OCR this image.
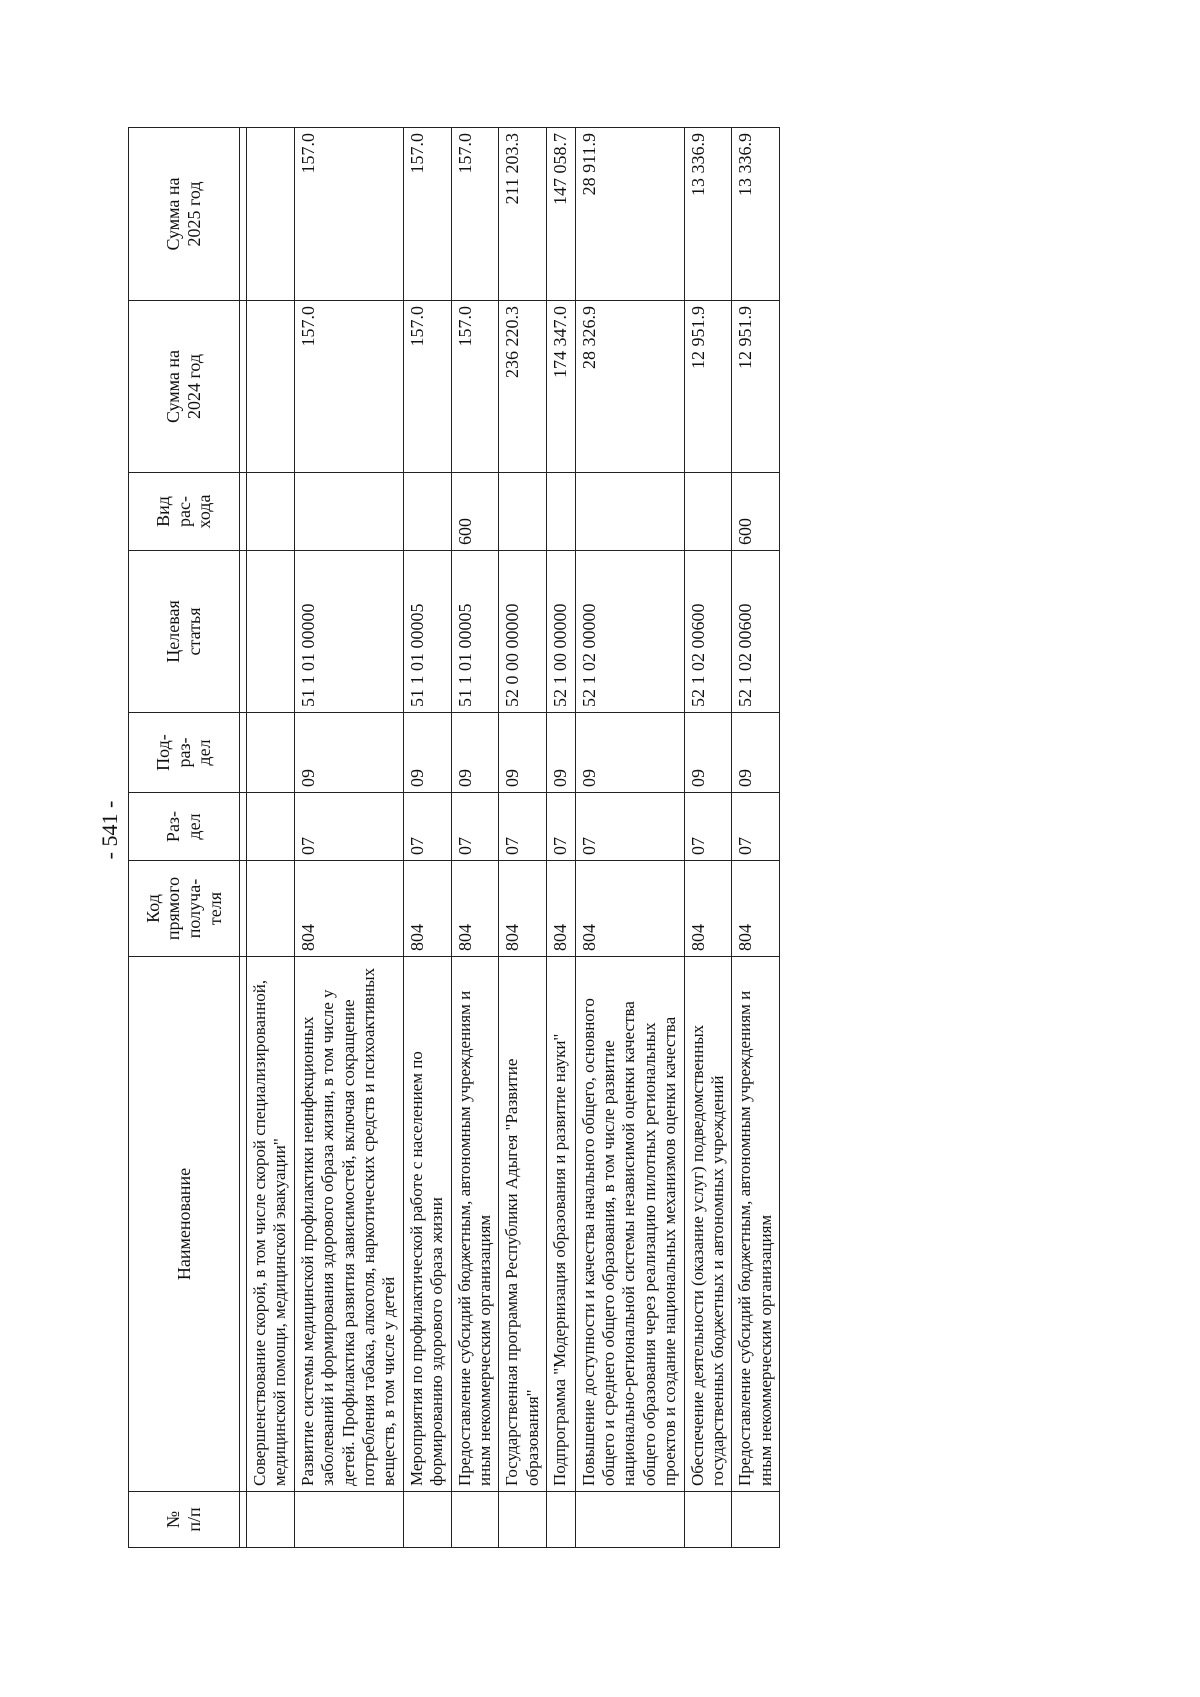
- 541 -
№
п/п	Наименование	Код
прямого
получа-
теля	Раз-
дел	Под-
раз-
дел	Целевая
статья	Вид
рас-
хода	Сумма на
2024 год	Сумма на
2025 год

	Совершенствование скорой, в том числе скорой специализированной, медицинской помощи, медицинской эвакуации"							
	Развитие системы медицинской профилактики неинфекционных заболеваний и формирования здорового образа жизни, в том числе у детей. Профилактика развития зависимостей, включая сокращение потребления табака, алкоголя, наркотических средств и психоактивных веществ, в том числе у детей	804	07	09	51 1 01 00000		157.0	157.0
	Мероприятия по профилактической работе с населением по формированию здорового образа жизни	804	07	09	51 1 01 00005		157.0	157.0
	Предоставление субсидий бюджетным, автономным учреждениям и иным некоммерческим организациям	804	07	09	51 1 01 00005	600	157.0	157.0
	Государственная программа Республики Адыгея "Развитие образования"	804	07	09	52 0 00 00000		236 220.3	211 203.3
	Подпрограмма "Модернизация образования и развитие науки"	804	07	09	52 1 00 00000		174 347.0	147 058.7
	Повышение доступности и качества начального общего, основного общего и среднего общего образования, в том числе развитие национально-региональной системы независимой оценки качества общего образования через реализацию пилотных региональных проектов и создание национальных механизмов оценки качества	804	07	09	52 1 02 00000		28 326.9	28 911.9
	Обеспечение деятельности (оказание услуг) подведомственных государственных бюджетных и автономных учреждений	804	07	09	52 1 02 00600		12 951.9	13 336.9
	Предоставление субсидий бюджетным, автономным учреждениям и иным некоммерческим организациям	804	07	09	52 1 02 00600	600	12 951.9	13 336.9
